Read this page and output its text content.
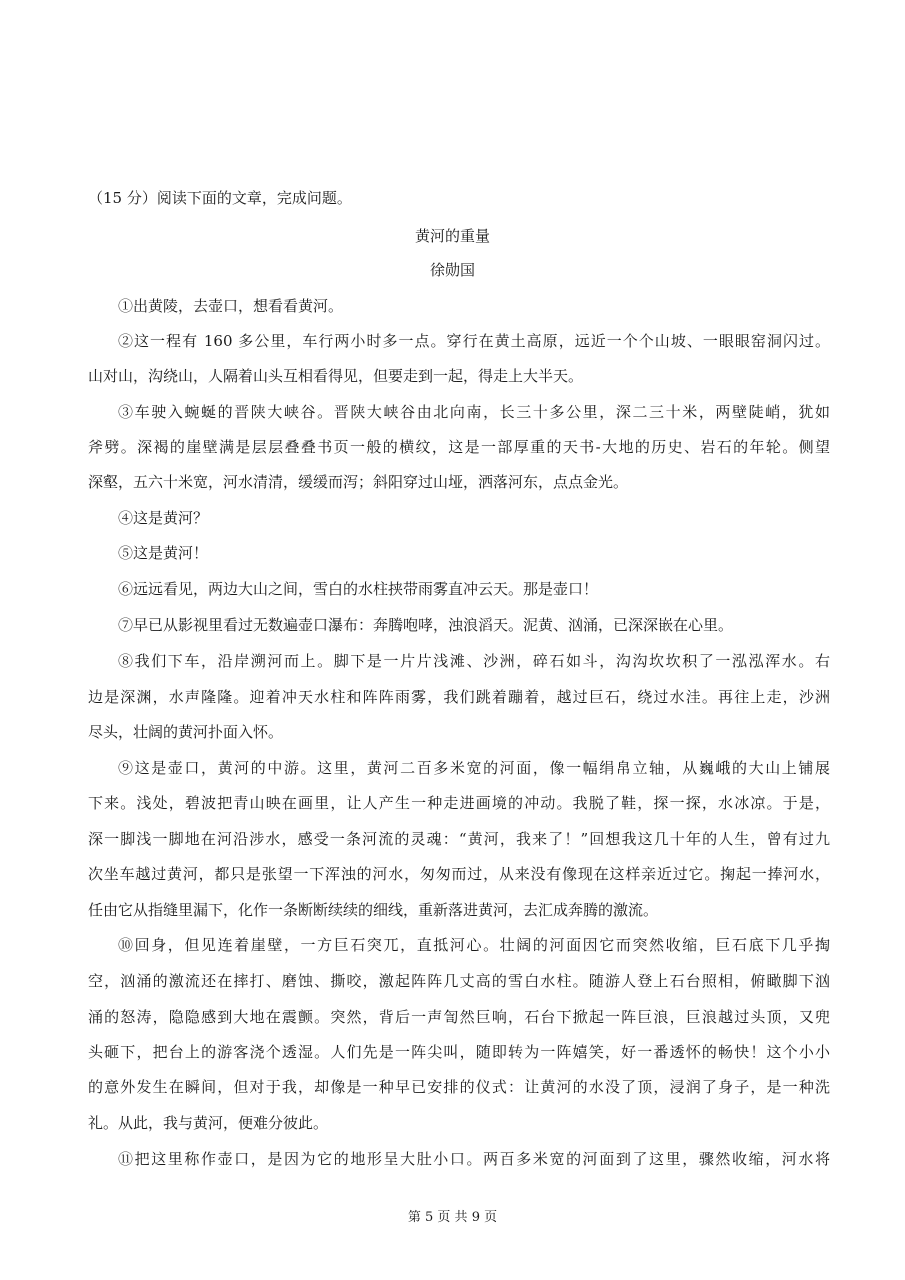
（15 分）阅读下面的文章，完成问题。
黄河的重量
徐勋国
①出黄陵，去壶口，想看看黄河。
②这一程有 160 多公里，车行两小时多一点。穿行在黄土高原，远近一个个山坡、一眼眼窑洞闪过。
山对山，沟绕山，人隔着山头互相看得见，但要走到一起，得走上大半天。
③车驶入蜿蜒的晋陕大峡谷。晋陕大峡谷由北向南，长三十多公里，深二三十米，两壁陡峭，犹如
斧劈。深褐的崖壁满是层层叠叠书页一般的横纹，这是一部厚重的天书-大地的历史、岩石的年轮。侧望
深壑，五六十米宽，河水清清，缓缓而泻；斜阳穿过山垭，洒落河东，点点金光。
④这是黄河？
⑤这是黄河！
⑥远远看见，两边大山之间，雪白的水柱挟带雨雾直冲云天。那是壶口！
⑦早已从影视里看过无数遍壶口瀑布：奔腾咆哮，浊浪滔天。泥黄、汹涌，已深深嵌在心里。
⑧我们下车，沿岸溯河而上。脚下是一片片浅滩、沙洲，碎石如斗，沟沟坎坎积了一泓泓浑水。右
边是深渊，水声隆隆。迎着冲天水柱和阵阵雨雾，我们跳着蹦着，越过巨石，绕过水洼。再往上走，沙洲
尽头，壮阔的黄河扑面入怀。
⑨这是壶口，黄河的中游。这里，黄河二百多米宽的河面，像一幅绢帛立轴，从巍峨的大山上铺展
下来。浅处，碧波把青山映在画里，让人产生一种走进画境的冲动。我脱了鞋，探一探，水冰凉。于是，
深一脚浅一脚地在河沿涉水，感受一条河流的灵魂：“黄河，我来了！”回想我这几十年的人生，曾有过九
次坐车越过黄河，都只是张望一下浑浊的河水，匆匆而过，从来没有像现在这样亲近过它。掬起一捧河水，
任由它从指缝里漏下，化作一条断断续续的细线，重新落进黄河，去汇成奔腾的激流。
⑩回身，但见连着崖壁，一方巨石突兀，直抵河心。壮阔的河面因它而突然收缩，巨石底下几乎掏
空，汹涌的激流还在摔打、磨蚀、撕咬，激起阵阵几丈高的雪白水柱。随游人登上石台照相，俯瞰脚下汹
涌的怒涛，隐隐感到大地在震颤。突然，背后一声訇然巨响，石台下掀起一阵巨浪，巨浪越过头顶，又兜
头砸下，把台上的游客浇个透湿。人们先是一阵尖叫，随即转为一阵嬉笑，好一番透怀的畅快！这个小小
的意外发生在瞬间，但对于我，却像是一种早已安排的仪式：让黄河的水没了顶，浸润了身子，是一种洗
礼。从此，我与黄河，便难分彼此。
⑪把这里称作壶口，是因为它的地形呈大肚小口。两百多米宽的河面到了这里，骤然收缩，河水将
第 5 页 共 9 页
